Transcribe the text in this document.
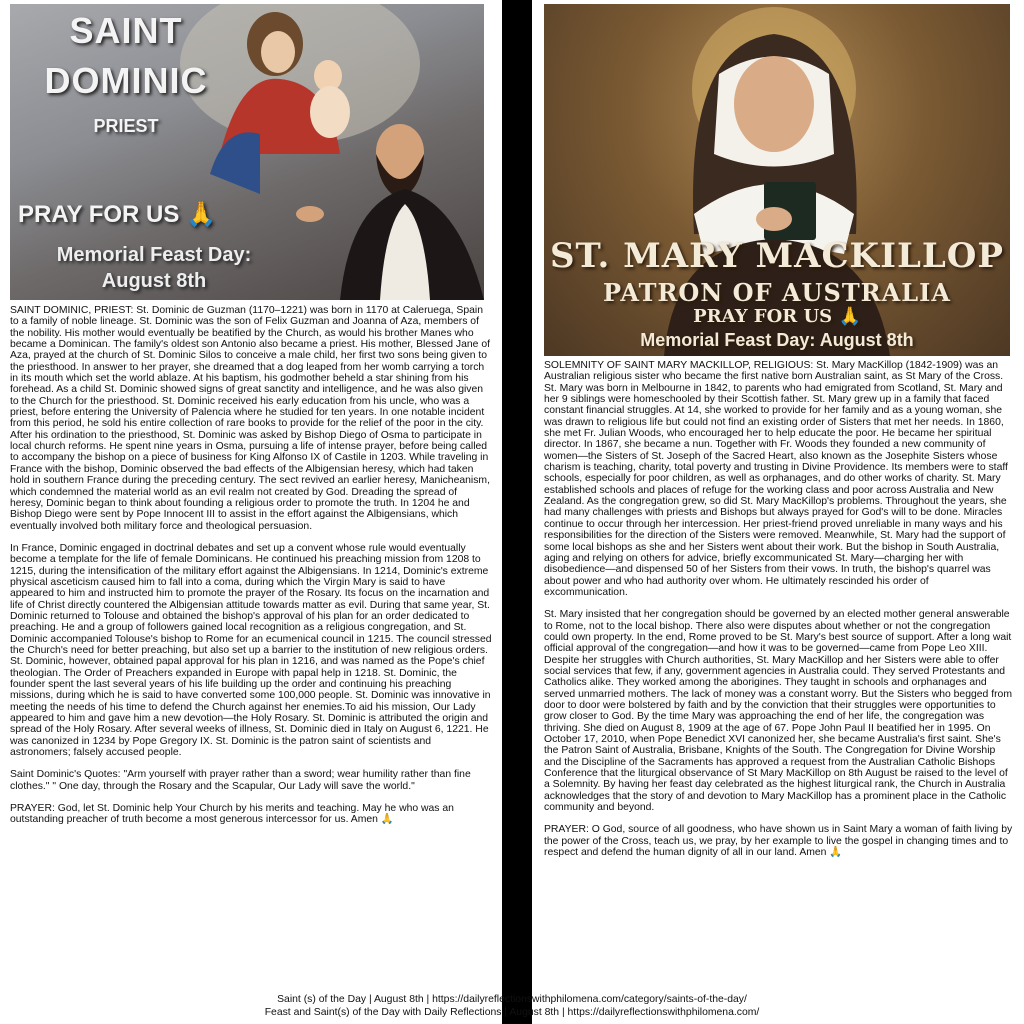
SAINT
DOMINIC
PRIEST
PRAY FOR US 🙏
Memorial Feast Day:
August 8th
ST. MARY MACKILLOP
PATRON OF AUSTRALIA
PRAY FOR US 🙏
Memorial Feast Day: August 8th

SAINT DOMINIC, PRIEST: St. Dominic de Guzman (1170–1221) was born in 1170 at Caleruega, Spain to a family of noble lineage. St. Dominic was the son of Felix Guzman and Joanna of Aza, members of the nobility. His mother would eventually be beatified by the Church, as would his brother Manes who became a Dominican. The family's oldest son Antonio also became a priest. His mother, Blessed Jane of Aza, prayed at the church of St. Dominic Silos to conceive a male child, her first two sons being given to the priesthood. In answer to her prayer, she dreamed that a dog leaped from her womb carrying a torch in its mouth which set the world ablaze. At his baptism, his godmother beheld a star shining from his forehead. As a child St. Dominic showed signs of great sanctity and intelligence, and he was also given to the Church for the priesthood. St. Dominic received his early education from his uncle, who was a priest, before entering the University of Palencia where he studied for ten years. In one notable incident from this period, he sold his entire collection of rare books to provide for the relief of the poor in the city. After his ordination to the priesthood, St. Dominic was asked by Bishop Diego of Osma to participate in local church reforms. He spent nine years in Osma, pursuing a life of intense prayer, before being called to accompany the bishop on a piece of business for King Alfonso IX of Castile in 1203. While traveling in France with the bishop, Dominic observed the bad effects of the Albigensian heresy, which had taken hold in southern France during the preceding century. The sect revived an earlier heresy, Manicheanism, which condemned the material world as an evil realm not created by God. Dreading the spread of heresy, Dominic began to think about founding a religious order to promote the truth. In 1204 he and Bishop Diego were sent by Pope Innocent III to assist in the effort against the Albigensians, which eventually involved both military force and theological persuasion.

In France, Dominic engaged in doctrinal debates and set up a convent whose rule would eventually become a template for the life of female Dominicans. He continued his preaching mission from 1208 to 1215, during the intensification of the military effort against the Albigensians. In 1214, Dominic's extreme physical asceticism caused him to fall into a coma, during which the Virgin Mary is said to have appeared to him and instructed him to promote the prayer of the Rosary. Its focus on the incarnation and life of Christ directly countered the Albigensian attitude towards matter as evil. During that same year, St. Dominic returned to Tolouse and obtained the bishop's approval of his plan for an order dedicated to preaching. He and a group of followers gained local recognition as a religious congregation, and St. Dominic accompanied Tolouse's bishop to Rome for an ecumenical council in 1215. The council stressed the Church's need for better preaching, but also set up a barrier to the institution of new religious orders. St. Dominic, however, obtained papal approval for his plan in 1216, and was named as the Pope's chief theologian. The Order of Preachers expanded in Europe with papal help in 1218. St. Dominic, the founder spent the last several years of his life building up the order and continuing his preaching missions, during which he is said to have converted some 100,000 people. St. Dominic was innovative in meeting the needs of his time to defend the Church against her enemies.To aid his mission, Our Lady appeared to him and gave him a new devotion—the Holy Rosary. St. Dominic is attributed the origin and spread of the Holy Rosary. After several weeks of illness, St. Dominic died in Italy on August 6, 1221. He was canonized in 1234 by Pope Gregory IX. St. Dominic is the patron saint of scientists and astronomers; falsely accused people.

Saint Dominic's Quotes: "Arm yourself with prayer rather than a sword; wear humility rather than fine clothes." " One day, through the Rosary and the Scapular, Our Lady will save the world."

PRAYER: God, let St. Dominic help Your Church by his merits and teaching. May he who was an outstanding preacher of truth become a most generous intercessor for us. Amen 🙏

SOLEMNITY OF SAINT MARY MACKILLOP, RELIGIOUS: St. Mary MacKillop (1842-1909) was an Australian religious sister who became the first native born Australian saint, as St Mary of the Cross. St. Mary was born in Melbourne in 1842, to parents who had emigrated from Scotland, St. Mary and her 9 siblings were homeschooled by their Scottish father. St. Mary grew up in a family that faced constant financial struggles. At 14, she worked to provide for her family and as a young woman, she was drawn to religious life but could not find an existing order of Sisters that met her needs. In 1860, she met Fr. Julian Woods, who encouraged her to help educate the poor. He became her spiritual director. In 1867, she became a nun. Together with Fr. Woods they founded a new community of women—the Sisters of St. Joseph of the Sacred Heart, also known as the Josephite Sisters whose charism is teaching, charity, total poverty and trusting in Divine Providence. Its members were to staff schools, especially for poor children, as well as orphanages, and do other works of charity. St. Mary established schools and places of refuge for the working class and poor across Australia and New Zealand. As the congregation grew, so did St. Mary MacKillop's problems. Throughout the years, she had many challenges with priests and Bishops but always prayed for God's will to be done. Miracles continue to occur through her intercession. Her priest-friend proved unreliable in many ways and his responsibilities for the direction of the Sisters were removed. Meanwhile, St. Mary had the support of some local bishops as she and her Sisters went about their work. But the bishop in South Australia, aging and relying on others for advice, briefly excommunicated St. Mary—charging her with disobedience—and dispensed 50 of her Sisters from their vows. In truth, the bishop's quarrel was about power and who had authority over whom. He ultimately rescinded his order of excommunication.

St. Mary insisted that her congregation should be governed by an elected mother general answerable to Rome, not to the local bishop. There also were disputes about whether or not the congregation could own property. In the end, Rome proved to be St. Mary's best source of support. After a long wait official approval of the congregation—and how it was to be governed—came from Pope Leo XIII. Despite her struggles with Church authorities, St. Mary MacKillop and her Sisters were able to offer social services that few, if any, government agencies in Australia could. They served Protestants and Catholics alike. They worked among the aborigines. They taught in schools and orphanages and served unmarried mothers. The lack of money was a constant worry. But the Sisters who begged from door to door were bolstered by faith and by the conviction that their struggles were opportunities to grow closer to God. By the time Mary was approaching the end of her life, the congregation was thriving. She died on August 8, 1909 at the age of 67. Pope John Paul II beatified her in 1995. On October 17, 2010, when Pope Benedict XVI canonized her, she became Australia's first saint. She's the Patron Saint of Australia, Brisbane, Knights of the South. The Congregation for Divine Worship and the Discipline of the Sacraments has approved a request from the Australian Catholic Bishops Conference that the liturgical observance of St Mary MacKillop on 8th August be raised to the level of a Solemnity. By having her feast day celebrated as the highest liturgical rank, the Church in Australia acknowledges that the story of and devotion to Mary MacKillop has a prominent place in the Catholic community and beyond.

PRAYER: O God, source of all goodness, who have shown us in Saint Mary a woman of faith living by the power of the Cross, teach us, we pray, by her example to live the gospel in changing times and to respect and defend the human dignity of all in our land. Amen 🙏

Saint (s) of the Day | August 8th | https://dailyreflectionswithphilomena.com/category/saints-of-the-day/
Feast and Saint(s) of the Day with Daily Reflections | August 8th | https://dailyreflectionswithphilomena.com/
